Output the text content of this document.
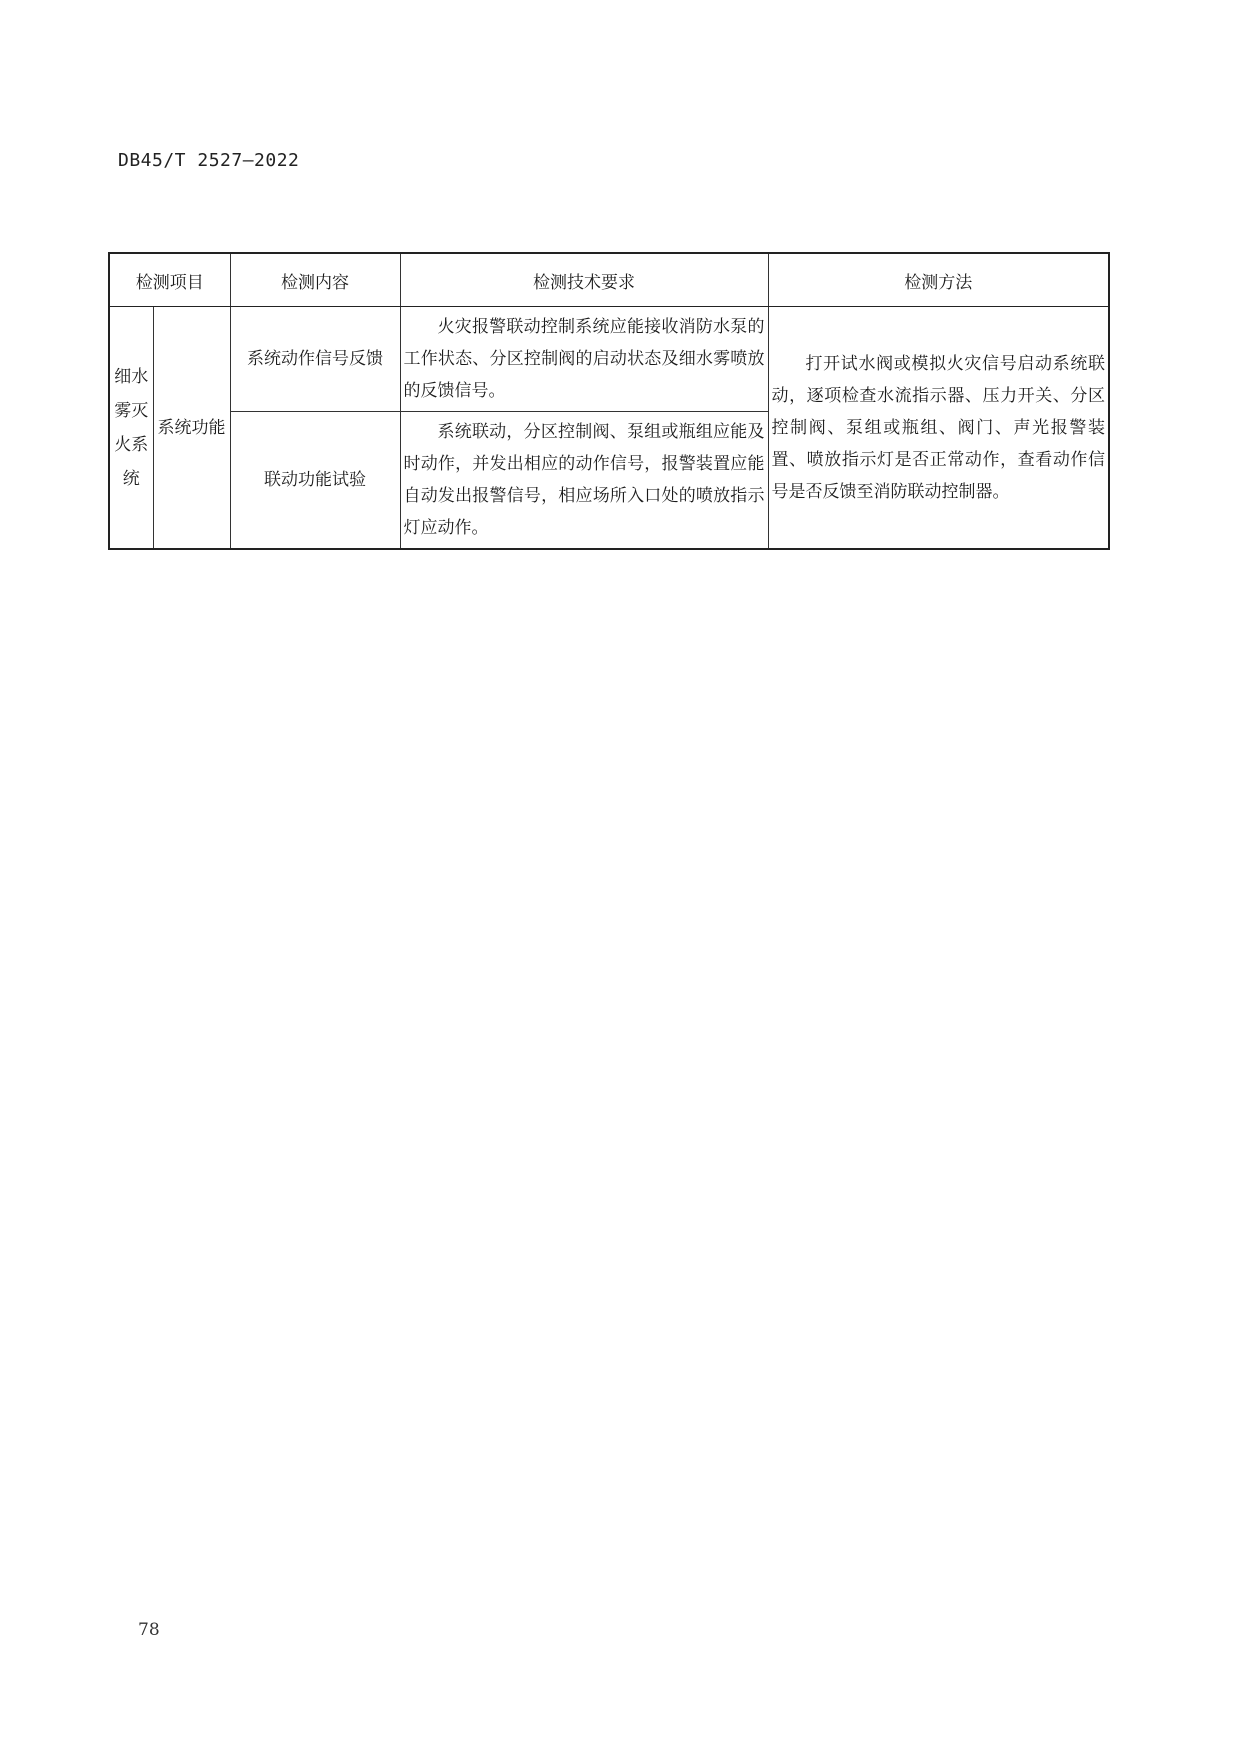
DB45/T 2527—2022
检测项目		检测内容	检测技术要求	检测方法
细水雾灭火系统	系统功能	系统动作信号反馈	火灾报警联动控制系统应能接收消防水泵的工作状态、分区控制阀的启动状态及细水雾喷放的反馈信号。	打开试水阀或模拟火灾信号启动系统联动，逐项检查水流指示器、压力开关、分区控制阀、泵组或瓶组、阀门、声光报警装置、喷放指示灯是否正常动作，查看动作信号是否反馈至消防联动控制器。
		联动功能试验	系统联动，分区控制阀、泵组或瓶组应能及时动作，并发出相应的动作信号，报警装置应能自动发出报警信号，相应场所入口处的喷放指示灯应动作。	
78
